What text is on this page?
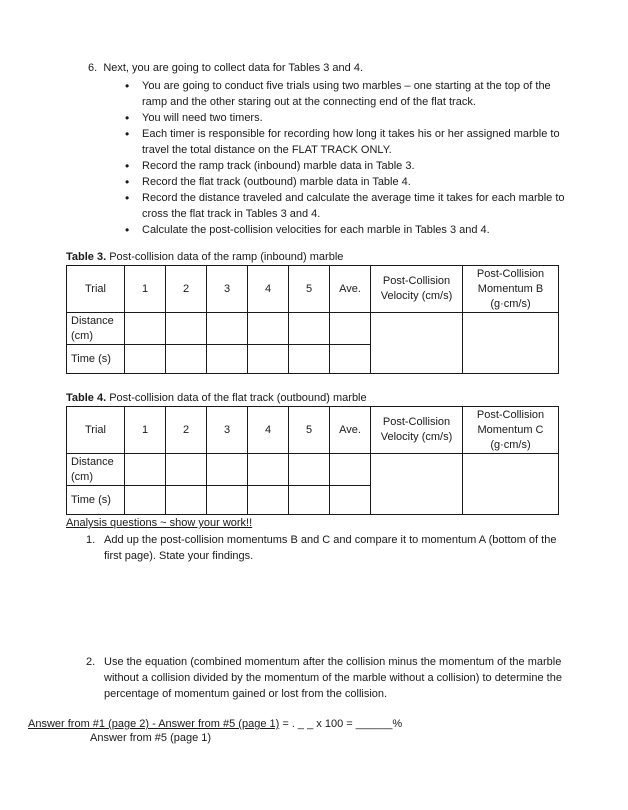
6. Next, you are going to collect data for Tables 3 and 4.
• You are going to conduct five trials using two marbles – one starting at the top of the ramp and the other staring out at the connecting end of the flat track.
• You will need two timers.
• Each timer is responsible for recording how long it takes his or her assigned marble to travel the total distance on the FLAT TRACK ONLY.
• Record the ramp track (inbound) marble data in Table 3.
• Record the flat track (outbound) marble data in Table 4.
• Record the distance traveled and calculate the average time it takes for each marble to cross the flat track in Tables 3 and 4.
• Calculate the post-collision velocities for each marble in Tables 3 and 4.
Table 3. Post-collision data of the ramp (inbound) marble
Trial	1	2	3	4	5	Ave.	Post-Collision Velocity (cm/s)	Post-Collision Momentum B (g·cm/s)
Distance (cm)								
Time (s)								
Table 4. Post-collision data of the flat track (outbound) marble
Trial	1	2	3	4	5	Ave.	Post-Collision Velocity (cm/s)	Post-Collision Momentum C (g·cm/s)
Distance (cm)								
Time (s)								
Analysis questions ~ show your work!!
1. Add up the post-collision momentums B and C and compare it to momentum A (bottom of the first page). State your findings.
2. Use the equation (combined momentum after the collision minus the momentum of the marble without a collision divided by the momentum of the marble without a collision) to determine the percentage of momentum gained or lost from the collision.
Answer from #1 (page 2) - Answer from #5 (page 1) = . _ _ x 100 = ______%
Answer from #5 (page 1)
